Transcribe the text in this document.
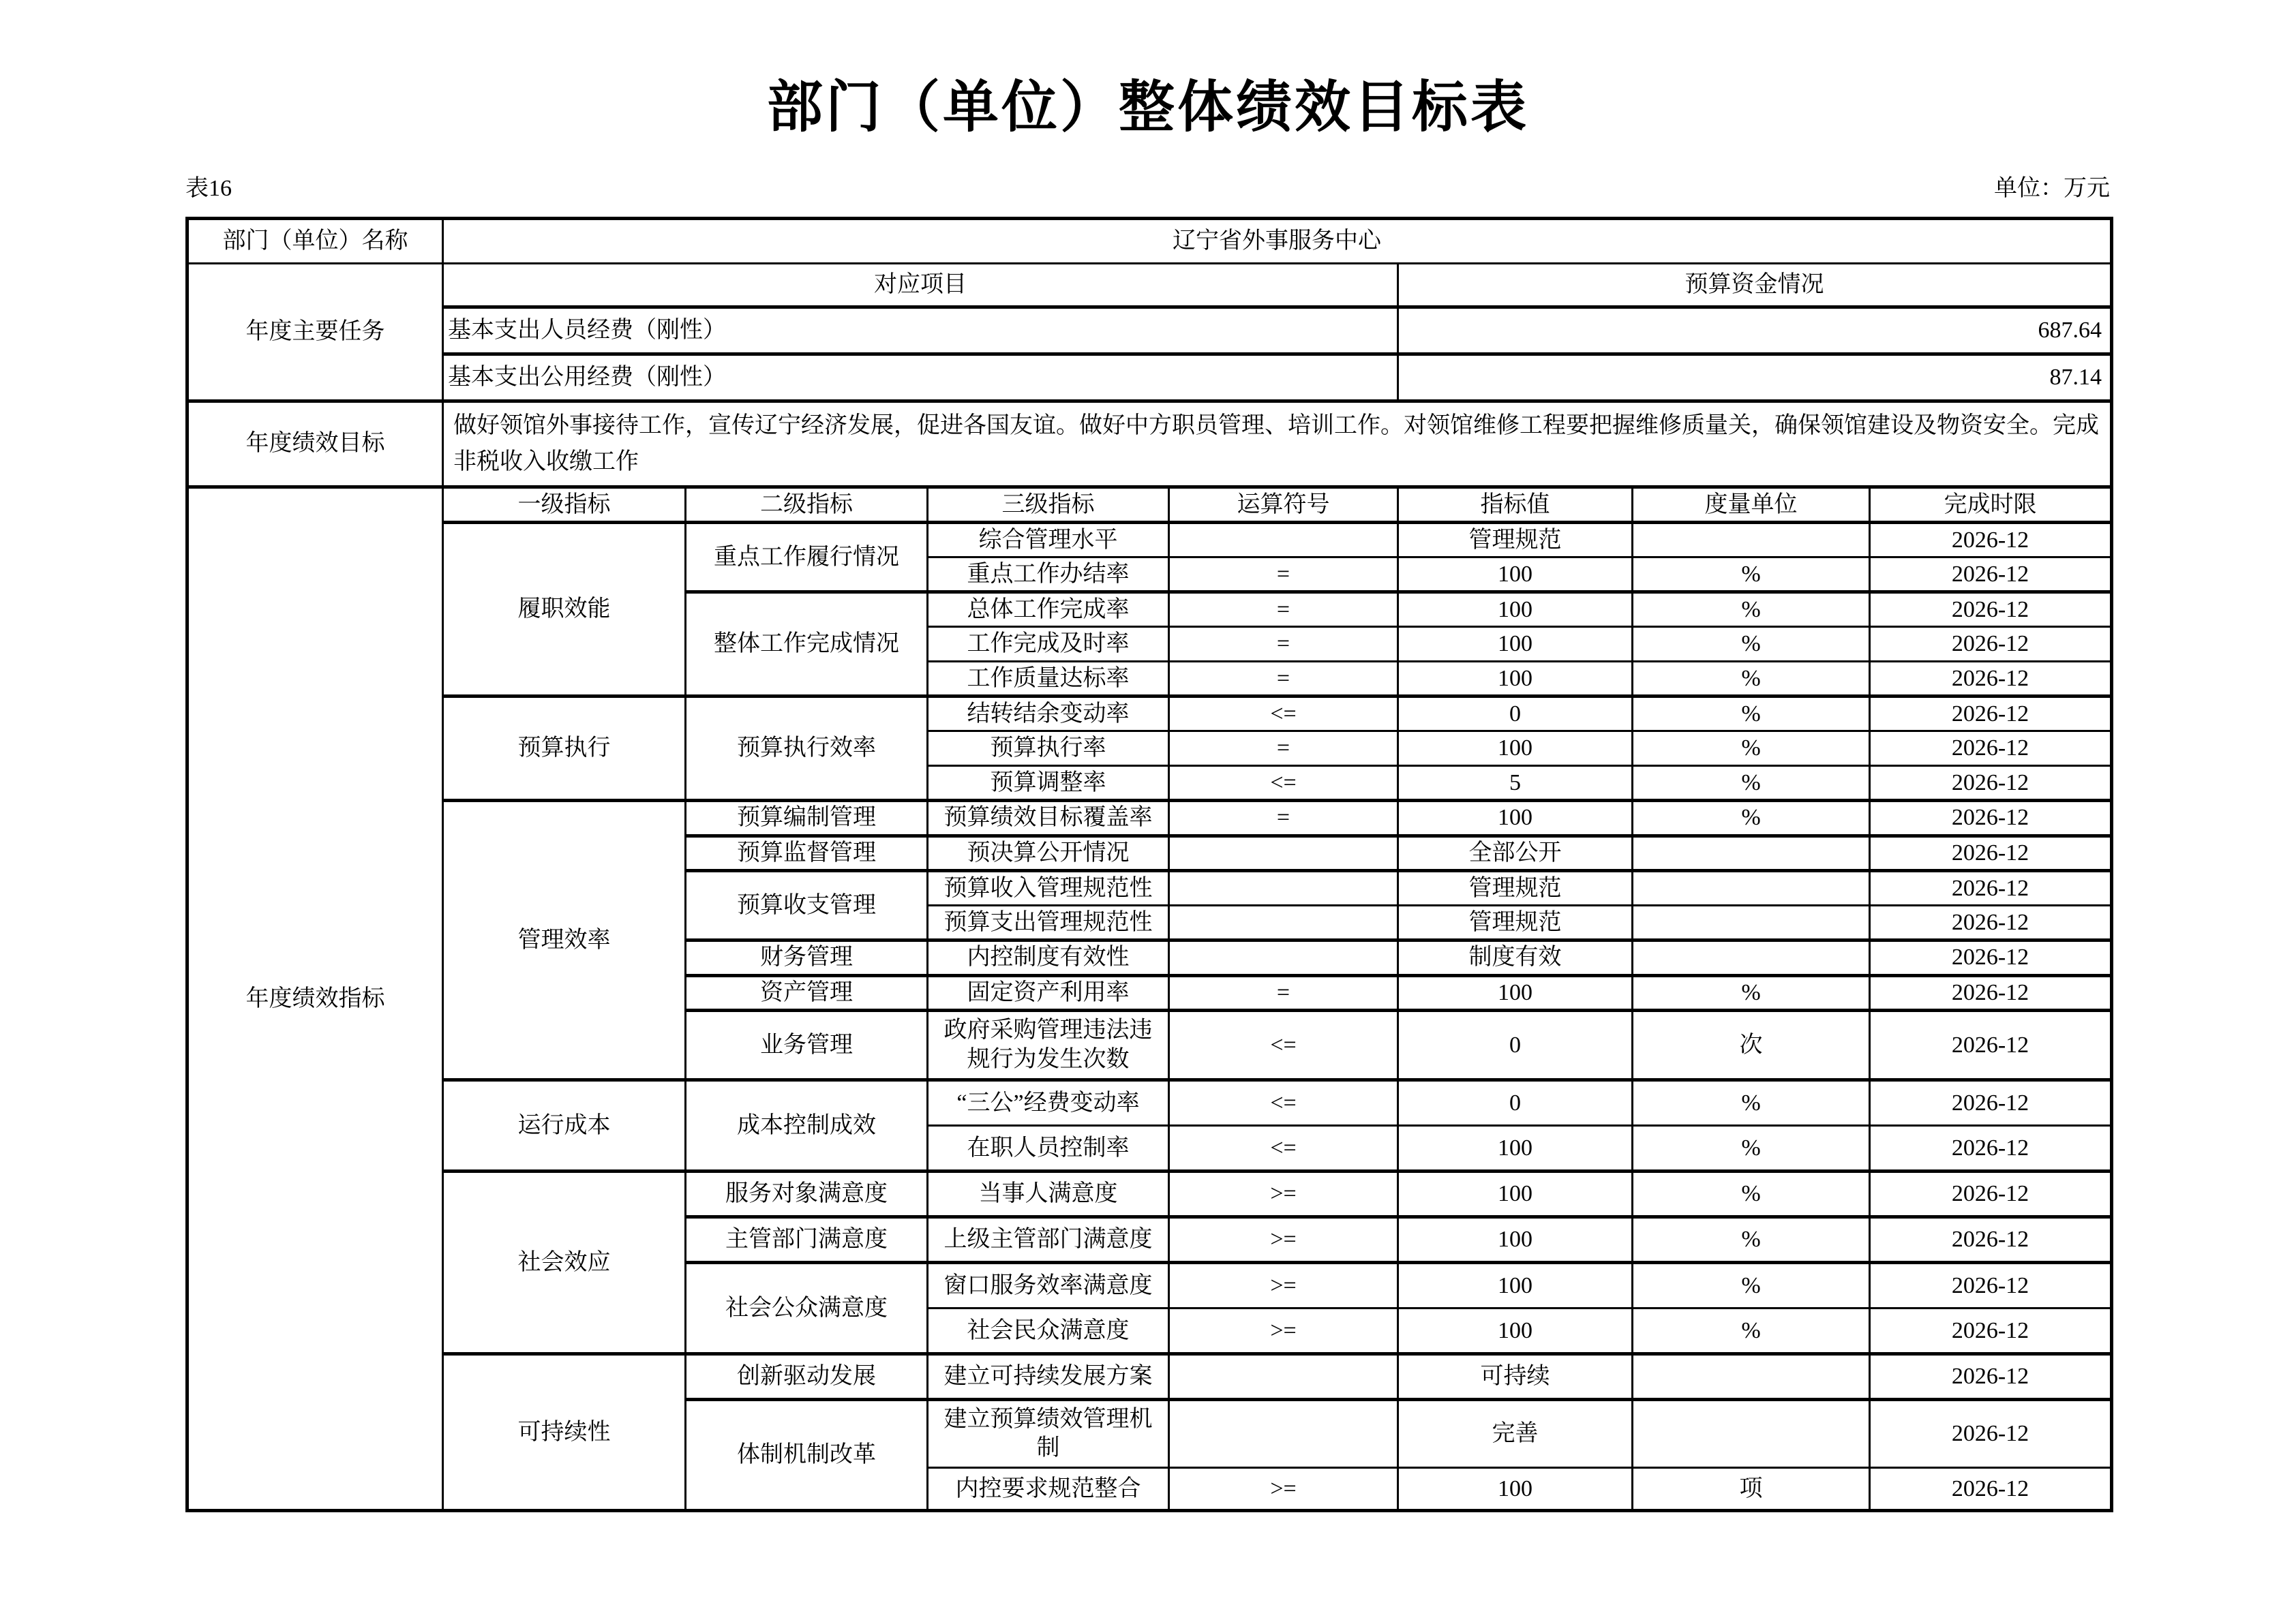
部门（单位）整体绩效目标表
表16	单位：万元
部门（单位）名称	辽宁省外事服务中心						
年度主要任务	对应项目				预算资金情况		
	基本支出人员经费（刚性）				687.64		
	基本支出公用经费（刚性）				87.14		
年度绩效目标	做好领馆外事接待工作，宣传辽宁经济发展，促进各国友谊。做好中方职员管理、培训工作。对领馆维修工程要把握维修质量关，确保领馆建设及物资安全。完成非税收入收缴工作						
年度绩效指标	一级指标	二级指标	三级指标	运算符号	指标值	度量单位	完成时限
	履职效能	重点工作履行情况	综合管理水平		管理规范		2026-12
			重点工作办结率	=	100	%	2026-12
		整体工作完成情况	总体工作完成率	=	100	%	2026-12
			工作完成及时率	=	100	%	2026-12
			工作质量达标率	=	100	%	2026-12
	预算执行	预算执行效率	结转结余变动率	<=	0	%	2026-12
			预算执行率	=	100	%	2026-12
			预算调整率	<=	5	%	2026-12
	管理效率	预算编制管理	预算绩效目标覆盖率	=	100	%	2026-12
		预算监督管理	预决算公开情况		全部公开		2026-12
		预算收支管理	预算收入管理规范性		管理规范		2026-12
			预算支出管理规范性		管理规范		2026-12
		财务管理	内控制度有效性		制度有效		2026-12
		资产管理	固定资产利用率	=	100	%	2026-12
		业务管理	政府采购管理违法违规行为发生次数	<=	0	次	2026-12
	运行成本	成本控制成效	“三公”经费变动率	<=	0	%	2026-12
			在职人员控制率	<=	100	%	2026-12
	社会效应	服务对象满意度	当事人满意度	>=	100	%	2026-12
		主管部门满意度	上级主管部门满意度	>=	100	%	2026-12
		社会公众满意度	窗口服务效率满意度	>=	100	%	2026-12
			社会民众满意度	>=	100	%	2026-12
	可持续性	创新驱动发展	建立可持续发展方案		可持续		2026-12
		体制机制改革	建立预算绩效管理机制		完善		2026-12
			内控要求规范整合	>=	100	项	2026-12
